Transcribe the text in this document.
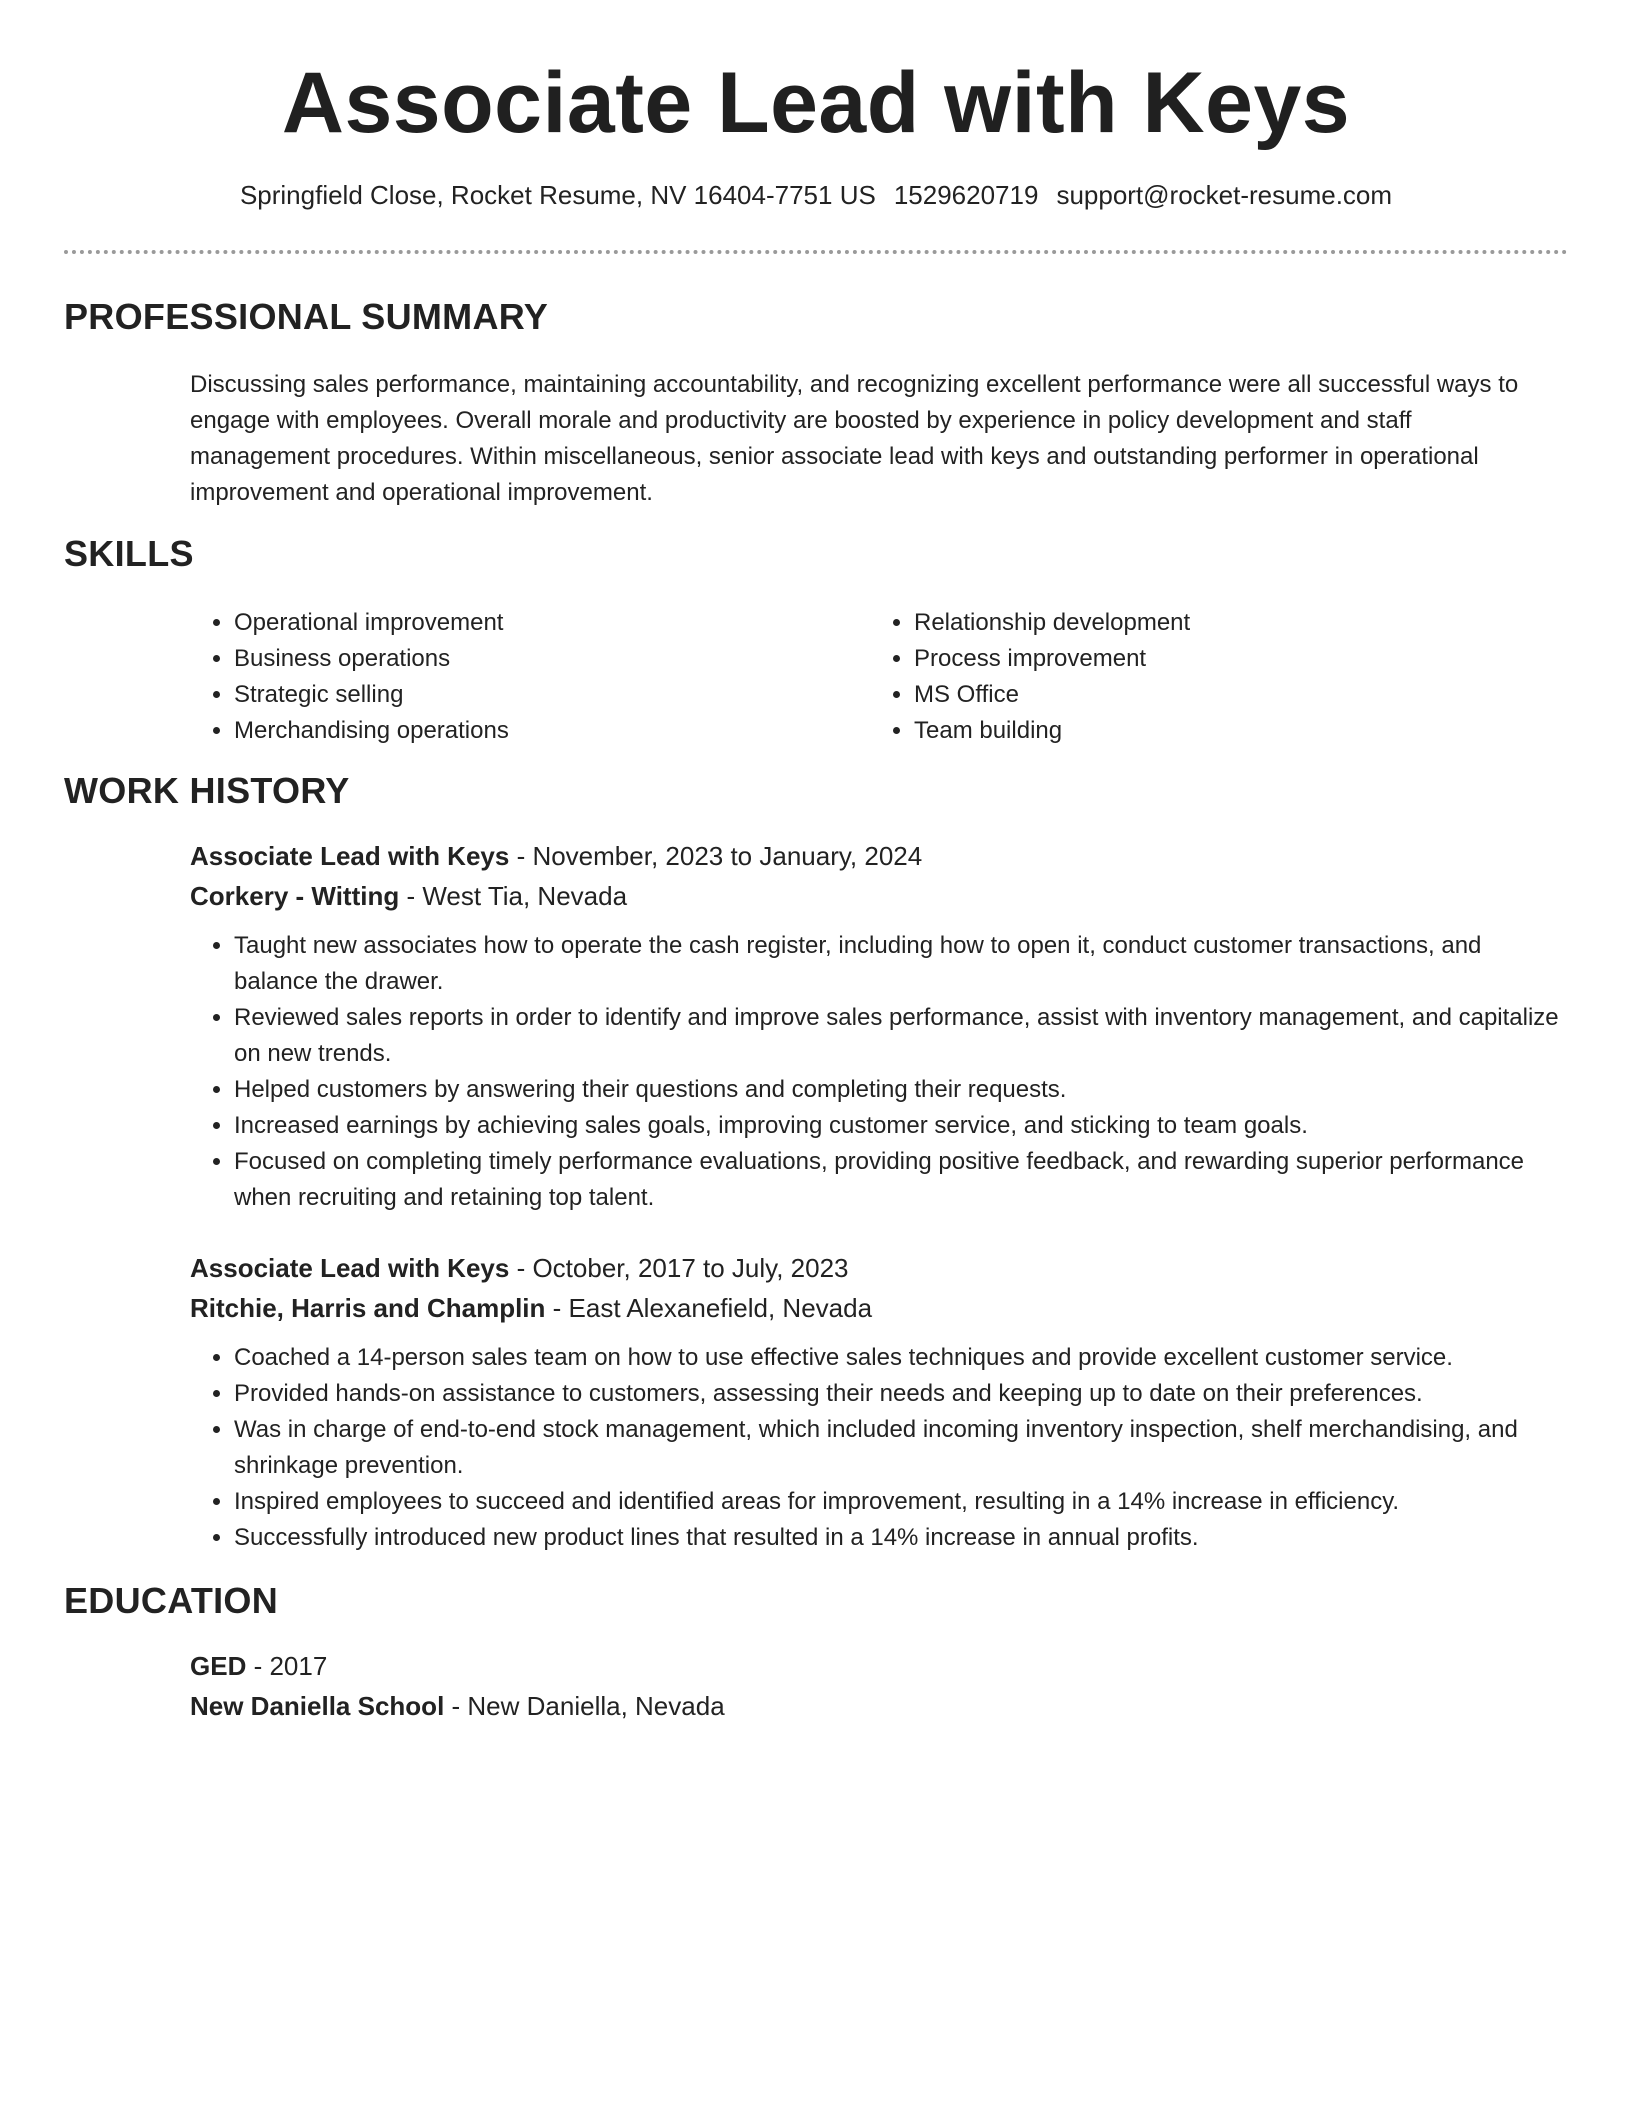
Associate Lead with Keys
Springfield Close, Rocket Resume, NV 16404-7751 US 1529620719 support@rocket-resume.com
PROFESSIONAL SUMMARY

Discussing sales performance, maintaining accountability, and recognizing excellent performance were all successful ways to engage with employees. Overall morale and productivity are boosted by experience in policy development and staff management procedures. Within miscellaneous, senior associate lead with keys and outstanding performer in operational improvement and operational improvement.

SKILLS
• Operational improvement
• Business operations
• Strategic selling
• Merchandising operations
• Relationship development
• Process improvement
• MS Office
• Team building
WORK HISTORY

Associate Lead with Keys - November, 2023 to January, 2024

Corkery - Witting - West Tia, Nevada

• Taught new associates how to operate the cash register, including how to open it, conduct customer transactions, and balance the drawer.
• Reviewed sales reports in order to identify and improve sales performance, assist with inventory management, and capitalize on new trends.
• Helped customers by answering their questions and completing their requests.
• Increased earnings by achieving sales goals, improving customer service, and sticking to team goals.
• Focused on completing timely performance evaluations, providing positive feedback, and rewarding superior performance when recruiting and retaining top talent.

Associate Lead with Keys - October, 2017 to July, 2023

Ritchie, Harris and Champlin - East Alexanefield, Nevada

• Coached a 14-person sales team on how to use effective sales techniques and provide excellent customer service.
• Provided hands-on assistance to customers, assessing their needs and keeping up to date on their preferences.
• Was in charge of end-to-end stock management, which included incoming inventory inspection, shelf merchandising, and shrinkage prevention.
• Inspired employees to succeed and identified areas for improvement, resulting in a 14% increase in efficiency.
• Successfully introduced new product lines that resulted in a 14% increase in annual profits.
EDUCATION

GED - 2017

New Daniella School - New Daniella, Nevada
